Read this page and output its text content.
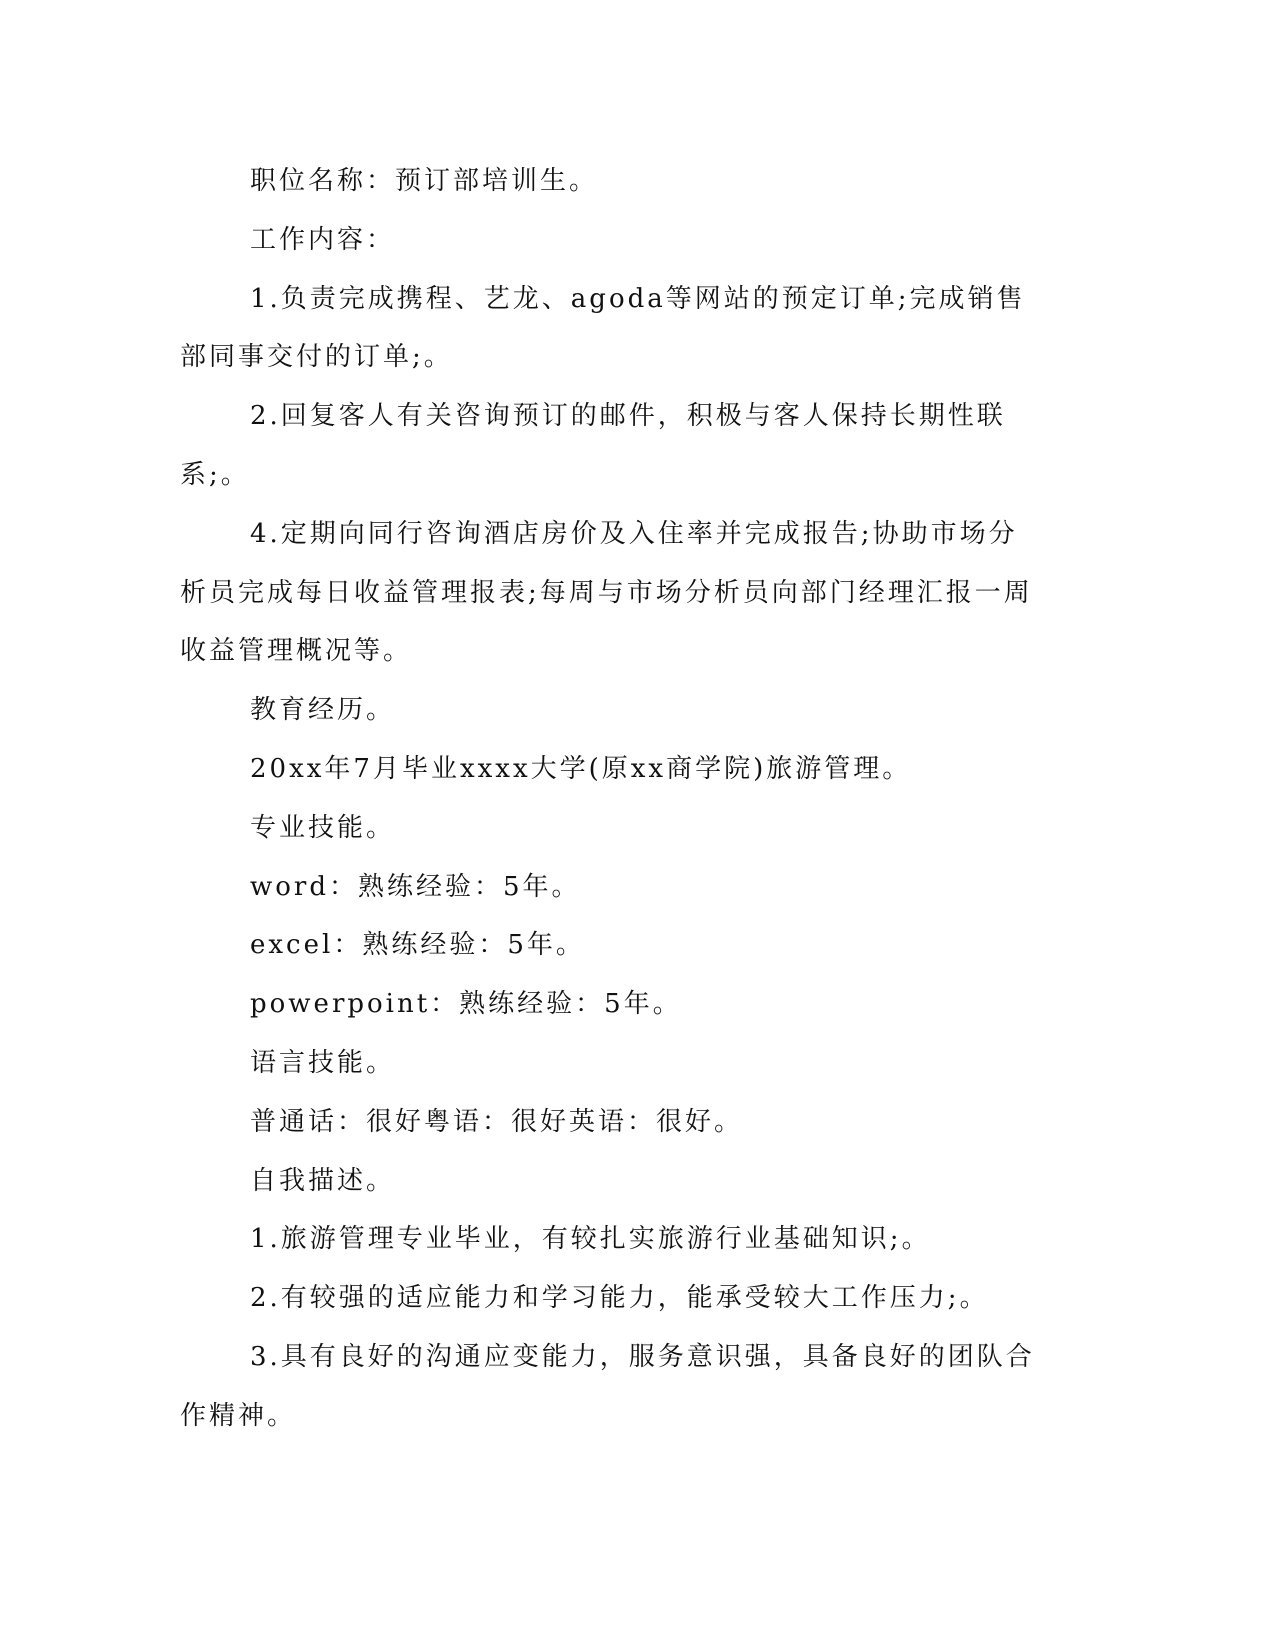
职位名称：预订部培训生。

工作内容：

1.负责完成携程、艺龙、agoda等网站的预定订单;完成销售部同事交付的订单;。

2.回复客人有关咨询预订的邮件，积极与客人保持长期性联系;。

4.定期向同行咨询酒店房价及入住率并完成报告;协助市场分析员完成每日收益管理报表;每周与市场分析员向部门经理汇报一周收益管理概况等。

教育经历。

20xx年7月毕业xxxx大学(原xx商学院)旅游管理。

专业技能。

word：熟练经验：5年。

excel：熟练经验：5年。

powerpoint：熟练经验：5年。

语言技能。

普通话：很好粤语：很好英语：很好。

自我描述。

1.旅游管理专业毕业，有较扎实旅游行业基础知识;。

2.有较强的适应能力和学习能力，能承受较大工作压力;。

3.具有良好的沟通应变能力，服务意识强，具备良好的团队合作精神。
